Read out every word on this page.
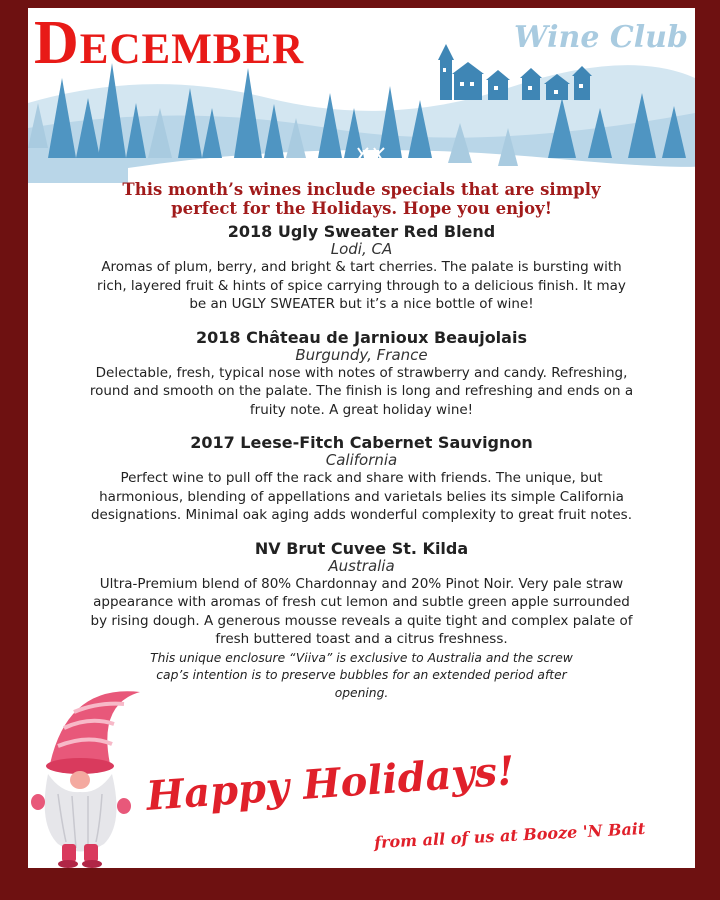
December	Wine Club
This month’s wines include specials that are simply
perfect for the Holidays. Hope you enjoy!
2018 Ugly Sweater Red Blend
Lodi, CA
Aromas of plum, berry, and bright & tart cherries. The palate is bursting with rich, layered fruit & hints of spice carrying through to a delicious finish. It may be an UGLY SWEATER but it’s a nice bottle of wine!
2018 Château de Jarnioux Beaujolais
Burgundy, France
Delectable, fresh, typical nose with notes of strawberry and candy. Refreshing, round and smooth on the palate. The finish is long and refreshing and ends on a fruity note. A great holiday wine!
2017 Leese-Fitch Cabernet Sauvignon
California
Perfect wine to pull off the rack and share with friends. The unique, but harmonious, blending of appellations and varietals belies its simple California designations. Minimal oak aging adds wonderful complexity to great fruit notes.
NV Brut Cuvee St. Kilda
Australia
Ultra-Premium blend of 80% Chardonnay and 20% Pinot Noir. Very pale straw appearance with aromas of fresh cut lemon and subtle green apple surrounded by rising dough. A generous mousse reveals a quite tight and complex palate of fresh buttered toast and a citrus freshness.
This unique enclosure “Viiva” is exclusive to Australia and the screw cap’s intention is to preserve bubbles for an extended period after opening.
Happy Holidays!
from all of us at Booze 'N Bait
